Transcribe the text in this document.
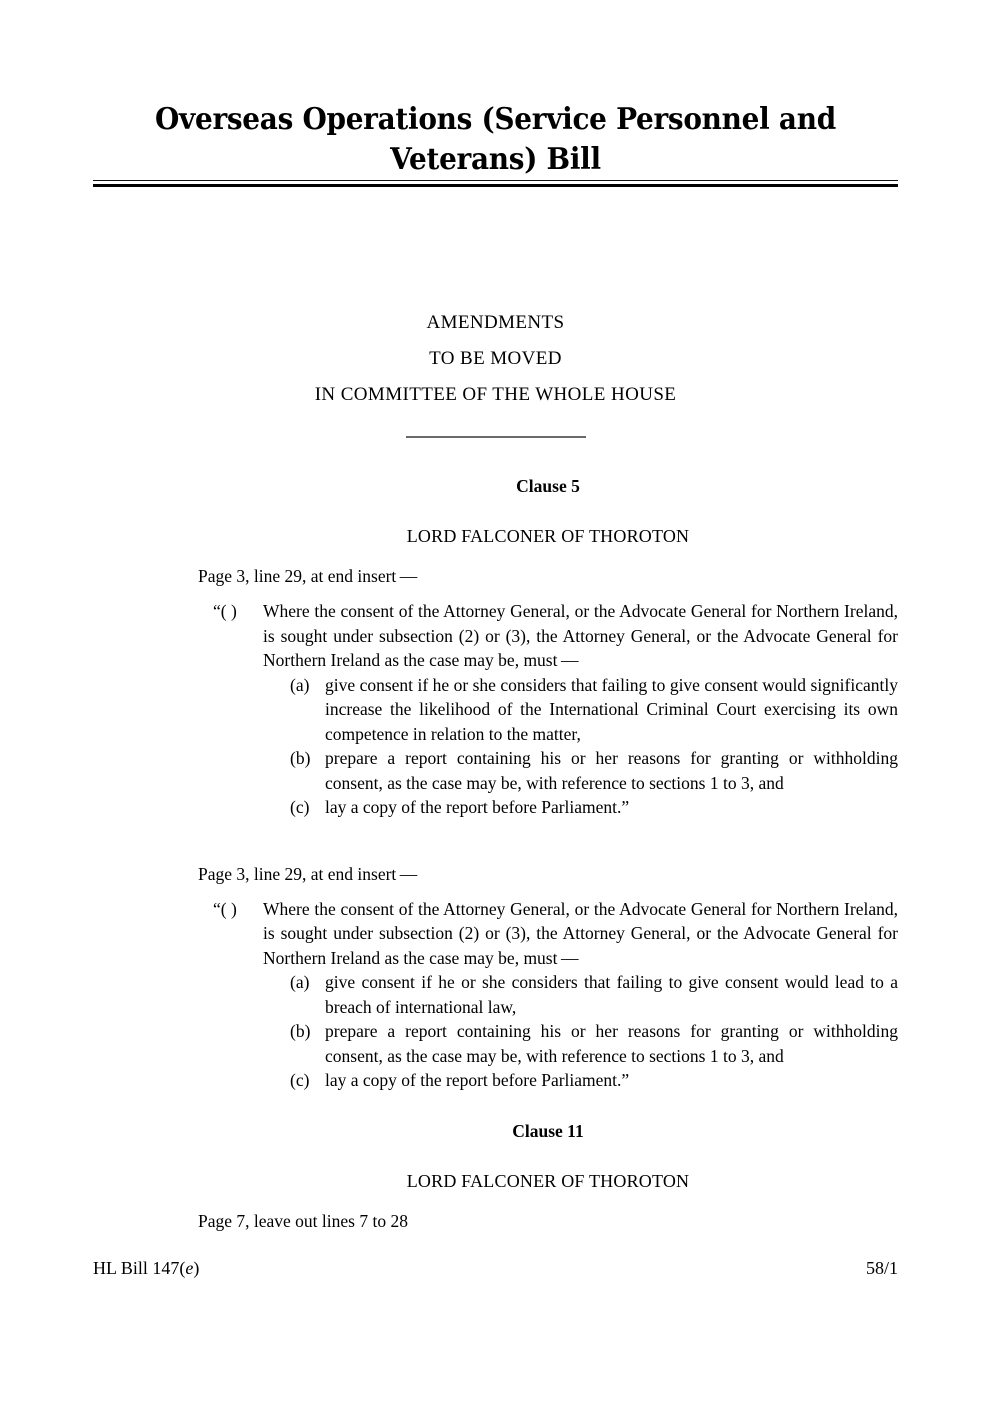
Overseas Operations (Service Personnel and Veterans) Bill
AMENDMENTS
TO BE MOVED
IN COMMITTEE OF THE WHOLE HOUSE
Clause 5
LORD FALCONER OF THOROTON
Page 3, line 29, at end insert —
“( )	Where the consent of the Attorney General, or the Advocate General for Northern Ireland, is sought under subsection (2) or (3), the Attorney General, or the Advocate General for Northern Ireland as the case may be, must —
(a) give consent if he or she considers that failing to give consent would significantly increase the likelihood of the International Criminal Court exercising its own competence in relation to the matter,
(b) prepare a report containing his or her reasons for granting or withholding consent, as the case may be, with reference to sections 1 to 3, and
(c) lay a copy of the report before Parliament.”
Page 3, line 29, at end insert —
“( )	Where the consent of the Attorney General, or the Advocate General for Northern Ireland, is sought under subsection (2) or (3), the Attorney General, or the Advocate General for Northern Ireland as the case may be, must —
(a) give consent if he or she considers that failing to give consent would lead to a breach of international law,
(b) prepare a report containing his or her reasons for granting or withholding consent, as the case may be, with reference to sections 1 to 3, and
(c) lay a copy of the report before Parliament.”
Clause 11
LORD FALCONER OF THOROTON
Page 7, leave out lines 7 to 28
HL Bill 147(e)	58/1
